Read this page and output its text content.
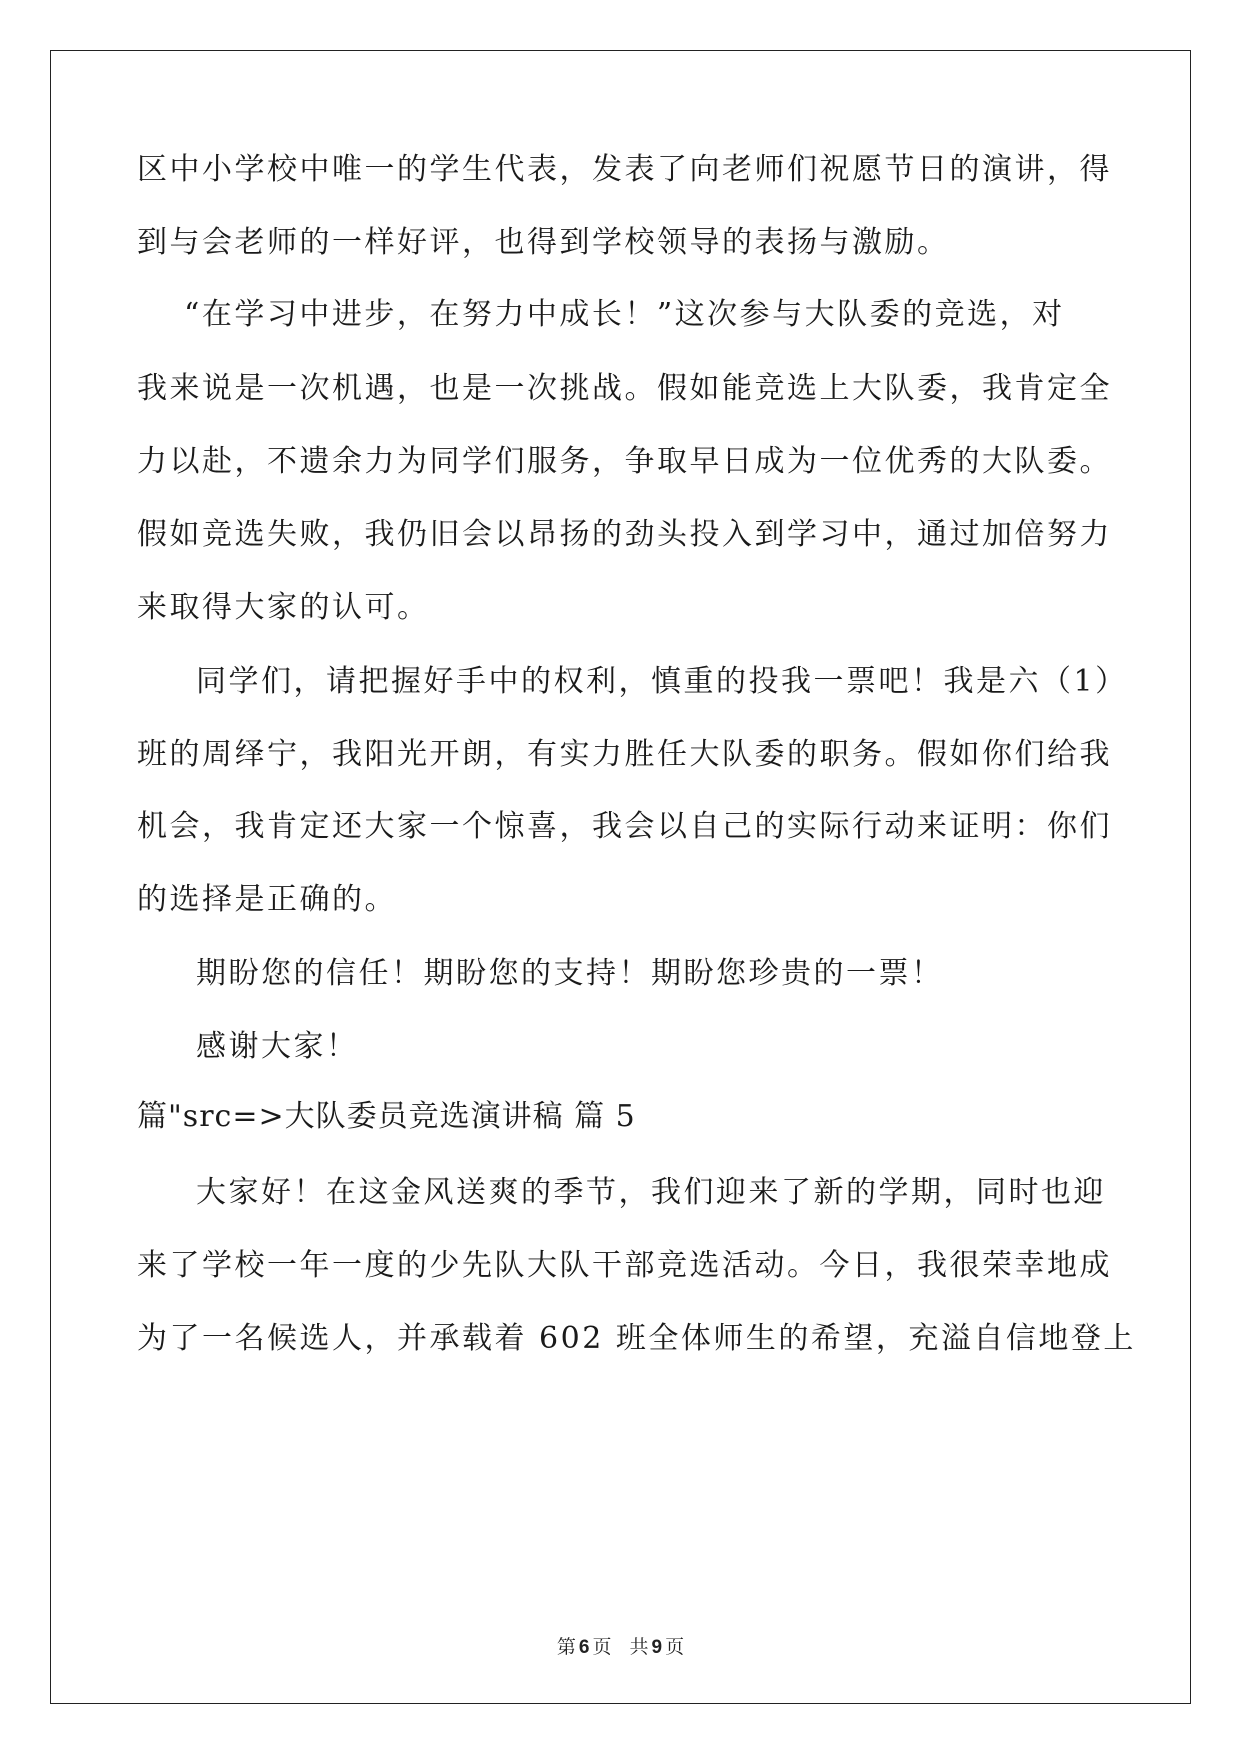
区中小学校中唯一的学生代表，发表了向老师们祝愿节日的演讲，得
到与会老师的一样好评，也得到学校领导的表扬与激励。
“在学习中进步，在努力中成长！”这次参与大队委的竞选，对
我来说是一次机遇，也是一次挑战。假如能竞选上大队委，我肯定全
力以赴，不遗余力为同学们服务，争取早日成为一位优秀的大队委。
假如竞选失败，我仍旧会以昂扬的劲头投入到学习中，通过加倍努力
来取得大家的认可。
同学们，请把握好手中的权利，慎重的投我一票吧！我是六（1）
班的周绎宁，我阳光开朗，有实力胜任大队委的职务。假如你们给我
机会，我肯定还大家一个惊喜，我会以自己的实际行动来证明：你们
的选择是正确的。
期盼您的信任！期盼您的支持！期盼您珍贵的一票！
感谢大家！
篇"src=>大队委员竞选演讲稿 篇 5
大家好！在这金风送爽的季节，我们迎来了新的学期，同时也迎
来了学校一年一度的少先队大队干部竞选活动。今日，我很荣幸地成
为了一名候选人，并承载着 602 班全体师生的希望，充溢自信地登上
第 6 页 共 9 页
